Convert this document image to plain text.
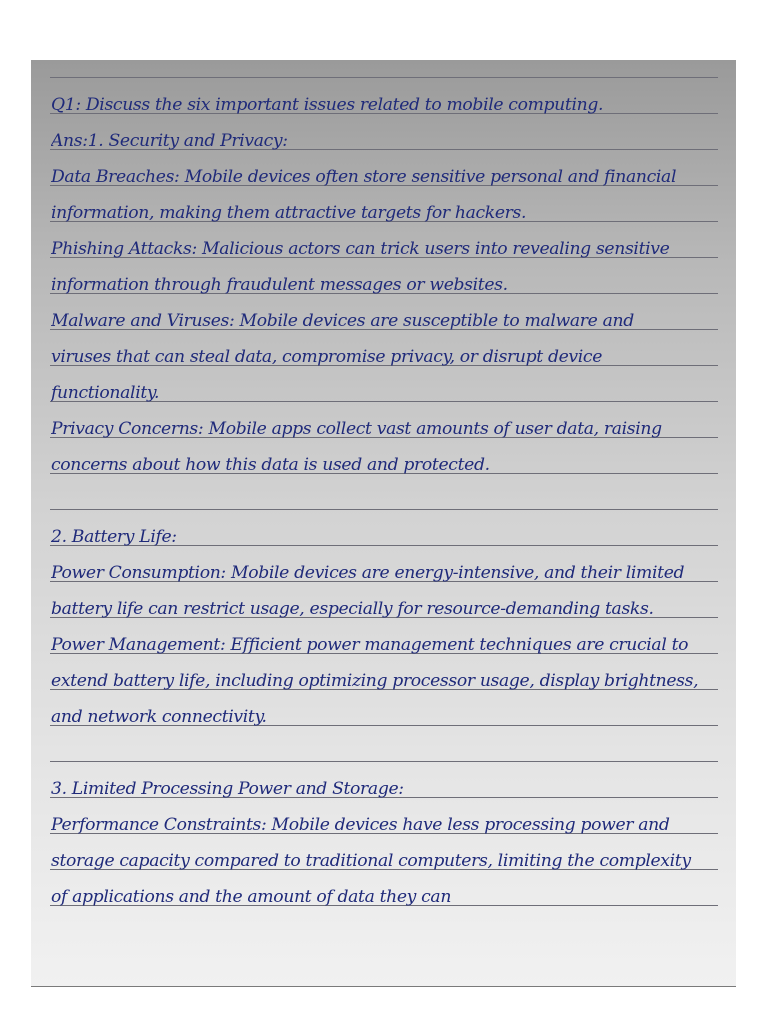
Q1: Discuss the six important issues related to mobile computing.
Ans:1. Security and Privacy:
Data Breaches: Mobile devices often store sensitive personal and financial
information, making them attractive targets for hackers.
Phishing Attacks: Malicious actors can trick users into revealing sensitive
information through fraudulent messages or websites.
Malware and Viruses: Mobile devices are susceptible to malware and
viruses that can steal data, compromise privacy, or disrupt device
functionality.
Privacy Concerns: Mobile apps collect vast amounts of user data, raising
concerns about how this data is used and protected.
2. Battery Life:
Power Consumption: Mobile devices are energy-intensive, and their limited
battery life can restrict usage, especially for resource-demanding tasks.
Power Management: Efficient power management techniques are crucial to
extend battery life, including optimizing processor usage, display brightness,
and network connectivity.
3. Limited Processing Power and Storage:
Performance Constraints: Mobile devices have less processing power and
storage capacity compared to traditional computers, limiting the complexity
of applications and the amount of data they can
